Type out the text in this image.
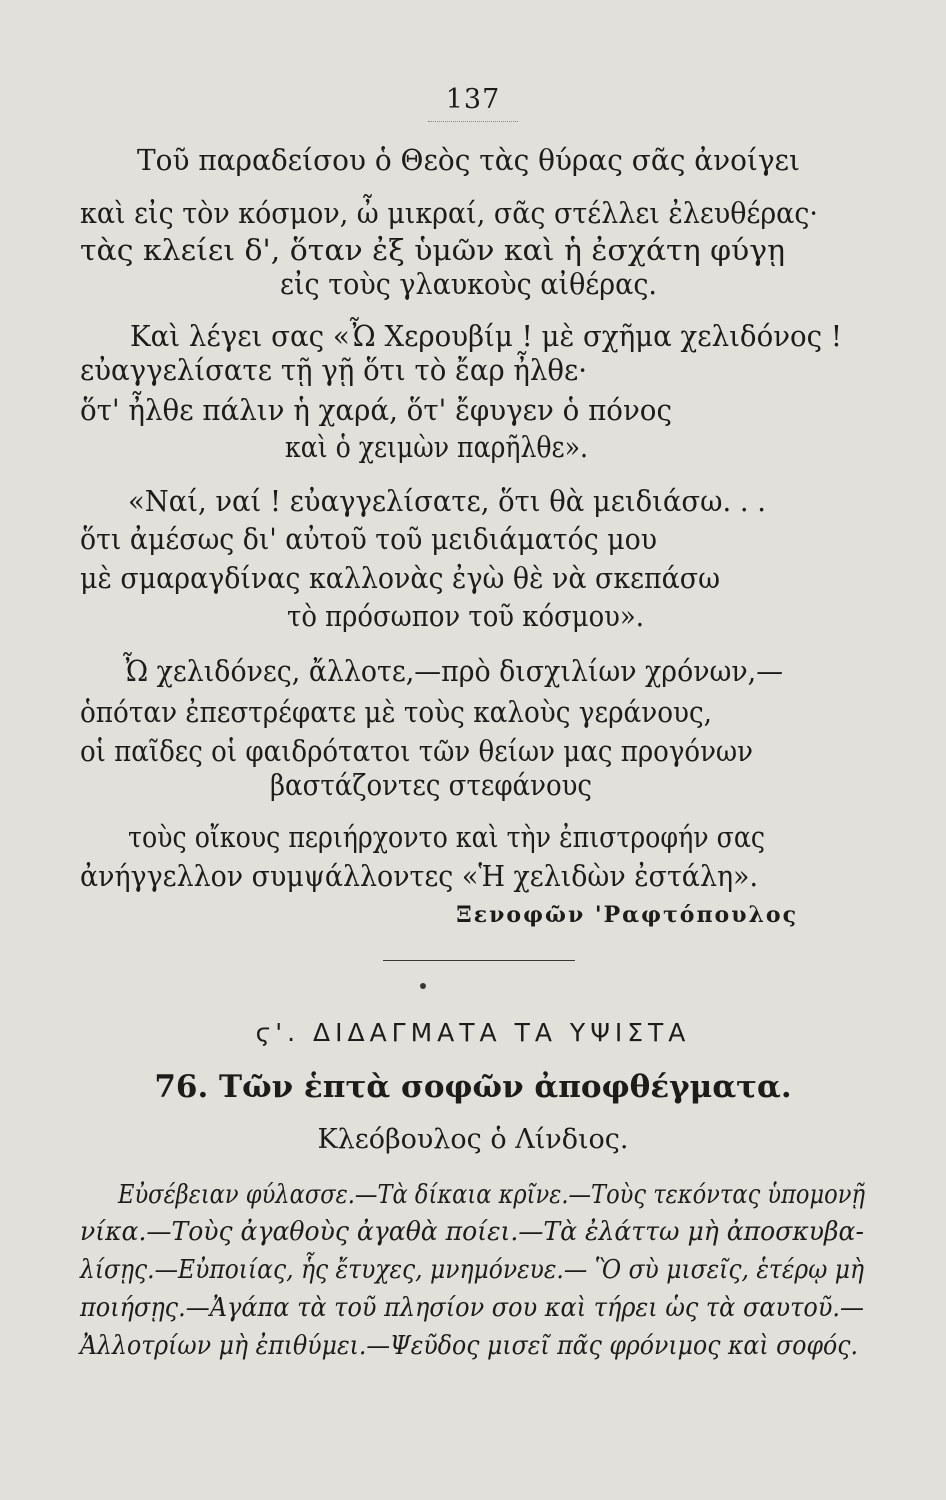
137
Τοῦ παραδείσου ὁ Θεὸς τὰς θύρας σᾶς ἀνοίγει
καὶ εἰς τὸν κόσμον, ὦ μικραί, σᾶς στέλλει ἐλευθέρας·
τὰς κλείει δ', ὅταν ἐξ ὑμῶν καὶ ἡ ἐσχάτη φύγῃ
εἰς τοὺς γλαυκοὺς αἰθέρας.
Καὶ λέγει σας «Ὦ Χερουβίμ ! μὲ σχῆμα χελιδόνος !
εὐαγγελίσατε τῇ γῇ ὅτι τὸ ἔαρ ἦλθε·
ὅτ' ἦλθε πάλιν ἡ χαρά, ὅτ' ἔφυγεν ὁ πόνος
καὶ ὁ χειμὼν παρῆλθε».
«Ναί, ναί ! εὐαγγελίσατε, ὅτι θὰ μειδιάσω. . .
ὅτι ἀμέσως δι' αὐτοῦ τοῦ μειδιάματός μου
μὲ σμαραγδίνας καλλονὰς ἐγὼ θὲ νὰ σκεπάσω
τὸ πρόσωπον τοῦ κόσμου».
Ὦ χελιδόνες, ἄλλοτε,—πρὸ δισχιλίων χρόνων,—
ὁπόταν ἐπεστρέφατε μὲ τοὺς καλοὺς γεράνους,
οἱ παῖδες οἱ φαιδρότατοι τῶν θείων μας προγόνων
βαστάζοντες στεφάνους
τοὺς οἴκους περιήρχοντο καὶ τὴν ἐπιστροφήν σας
ἀνήγγελλον συμψάλλοντες «Ἡ χελιδὼν ἐστάλη».
Ξενοφῶν 'Ραφτόπουλος
ϛ'. ΔΙΔΑΓΜΑΤΑ ΤΑ ΥΨΙΣΤΑ
76. Τῶν ἑπτὰ σοφῶν ἀποφθέγματα.
Κλεόβουλος ὁ Λίνδιος.
Εὐσέβειαν φύλασσε.—Τὰ δίκαια κρῖνε.—Τοὺς τεκόντας ὑπομονῇ
νίκα.—Τοὺς ἀγαθοὺς ἀγαθὰ ποίει.—Τὰ ἐλάττω μὴ ἀποσκυβα-
λίσῃς.—Εὐποιίας, ἧς ἔτυχες, μνημόνευε.— Ὃ σὺ μισεῖς, ἑτέρῳ μὴ
ποιήσῃς.—Ἀγάπα τὰ τοῦ πλησίον σου καὶ τήρει ὡς τὰ σαυτοῦ.—
Ἀλλοτρίων μὴ ἐπιθύμει.—Ψεῦδος μισεῖ πᾶς φρόνιμος καὶ σοφός.
